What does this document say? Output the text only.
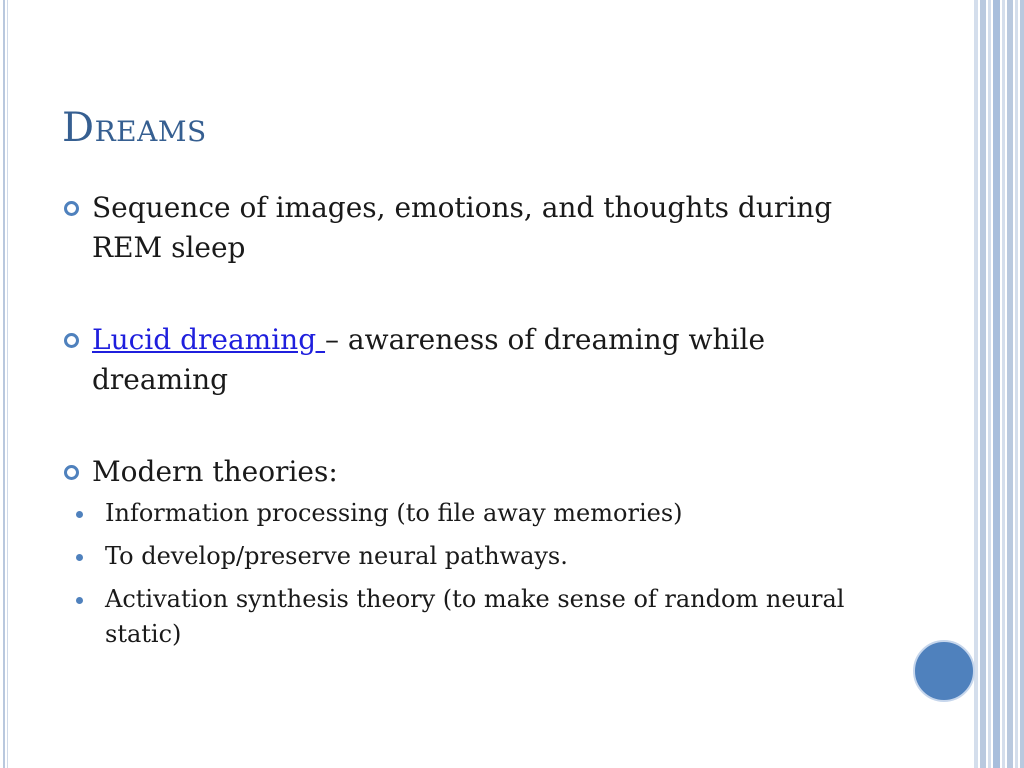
Dreams
Sequence of images, emotions, and thoughts during REM sleep
Lucid dreaming – awareness of dreaming while dreaming
Modern theories:
Information processing (to file away memories)
To develop/preserve neural pathways.
Activation synthesis theory (to make sense of random neural static)
